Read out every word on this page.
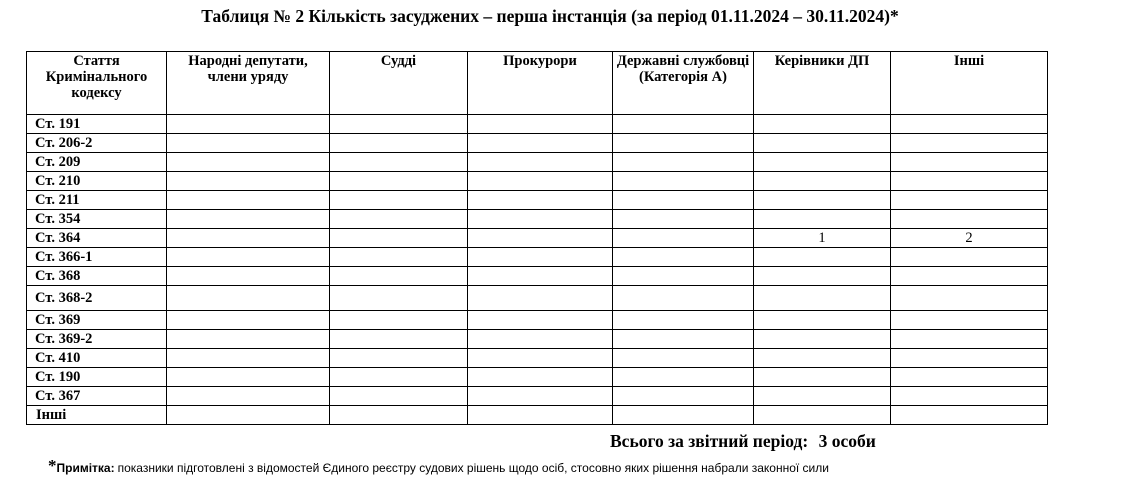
Таблиця № 2 Кількість засуджених – перша інстанція (за період 01.11.2024 – 30.11.2024)*
Стаття Кримінального кодексу	Народні депутати, члени уряду	Судді	Прокурори	Державні службовці (Категорія А)	Керівники ДП	Інші
Ст. 191						
Ст. 206-2						
Ст. 209						
Ст. 210						
Ст. 211						
Ст. 354						
Ст. 364					1	2
Ст. 366-1						
Ст. 368						
Ст. 368-2						
Ст. 369						
Ст. 369-2						
Ст. 410						
Ст. 190						
Ст. 367						
Інші						
Всього за звітний період: 3 особи
*Примітка: показники підготовлені з відомостей Єдиного реєстру судових рішень щодо осіб, стосовно яких рішення набрали законної сили
